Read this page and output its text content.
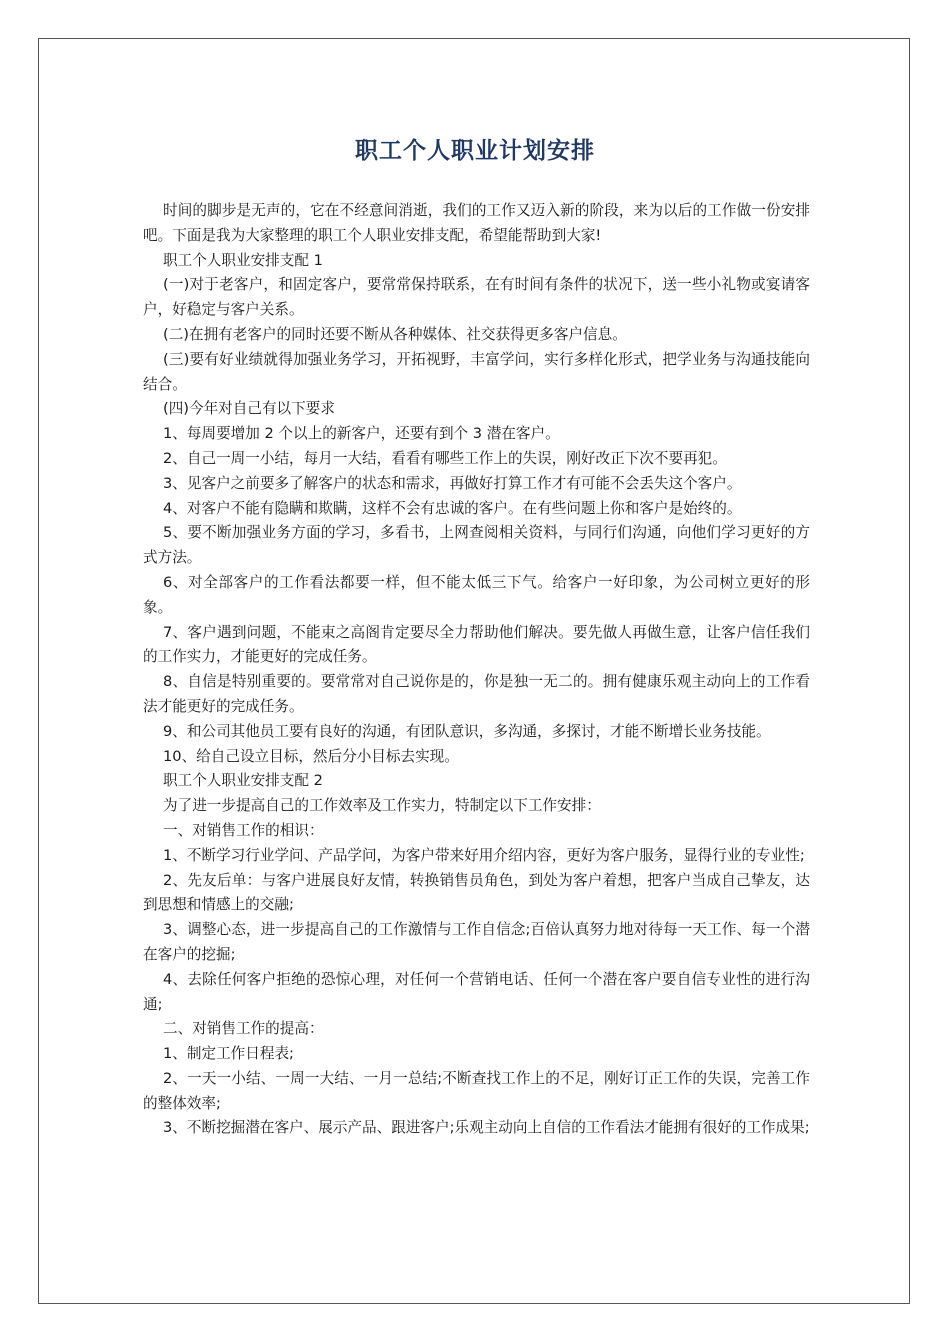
职工个人职业计划安排

时间的脚步是无声的，它在不经意间消逝，我们的工作又迈入新的阶段，来为以后的工作做一份安排吧。下面是我为大家整理的职工个人职业安排支配，希望能帮助到大家!

职工个人职业安排支配 1

(一)对于老客户，和固定客户，要常常保持联系，在有时间有条件的状况下，送一些小礼物或宴请客户，好稳定与客户关系。

(二)在拥有老客户的同时还要不断从各种媒体、社交获得更多客户信息。

(三)要有好业绩就得加强业务学习，开拓视野，丰富学问，实行多样化形式，把学业务与沟通技能向结合。

(四)今年对自己有以下要求

1、每周要增加 2 个以上的新客户，还要有到个 3 潜在客户。

2、自己一周一小结，每月一大结，看看有哪些工作上的失误，刚好改正下次不要再犯。

3、见客户之前要多了解客户的状态和需求，再做好打算工作才有可能不会丢失这个客户。

4、对客户不能有隐瞒和欺瞒，这样不会有忠诚的客户。在有些问题上你和客户是始终的。

5、要不断加强业务方面的学习，多看书，上网查阅相关资料，与同行们沟通，向他们学习更好的方式方法。

6、对全部客户的工作看法都要一样，但不能太低三下气。给客户一好印象，为公司树立更好的形象。

7、客户遇到问题，不能束之高阁肯定要尽全力帮助他们解决。要先做人再做生意，让客户信任我们的工作实力，才能更好的完成任务。

8、自信是特别重要的。要常常对自己说你是的，你是独一无二的。拥有健康乐观主动向上的工作看法才能更好的完成任务。

9、和公司其他员工要有良好的沟通，有团队意识，多沟通，多探讨，才能不断增长业务技能。

10、给自己设立目标，然后分小目标去实现。

职工个人职业安排支配 2

为了进一步提高自己的工作效率及工作实力，特制定以下工作安排：

一、对销售工作的相识：

1、不断学习行业学问、产品学问，为客户带来好用介绍内容，更好为客户服务，显得行业的专业性;

2、先友后单：与客户进展良好友情，转换销售员角色，到处为客户着想，把客户当成自己挚友，达到思想和情感上的交融;

3、调整心态，进一步提高自己的工作激情与工作自信念;百倍认真努力地对待每一天工作、每一个潜在客户的挖掘;

4、去除任何客户拒绝的恐惊心理，对任何一个营销电话、任何一个潜在客户要自信专业性的进行沟通;

二、对销售工作的提高：

1、制定工作日程表;

2、一天一小结、一周一大结、一月一总结;不断查找工作上的不足，刚好订正工作的失误，完善工作的整体效率;

3、不断挖掘潜在客户、展示产品、跟进客户;乐观主动向上自信的工作看法才能拥有很好的工作成果;
